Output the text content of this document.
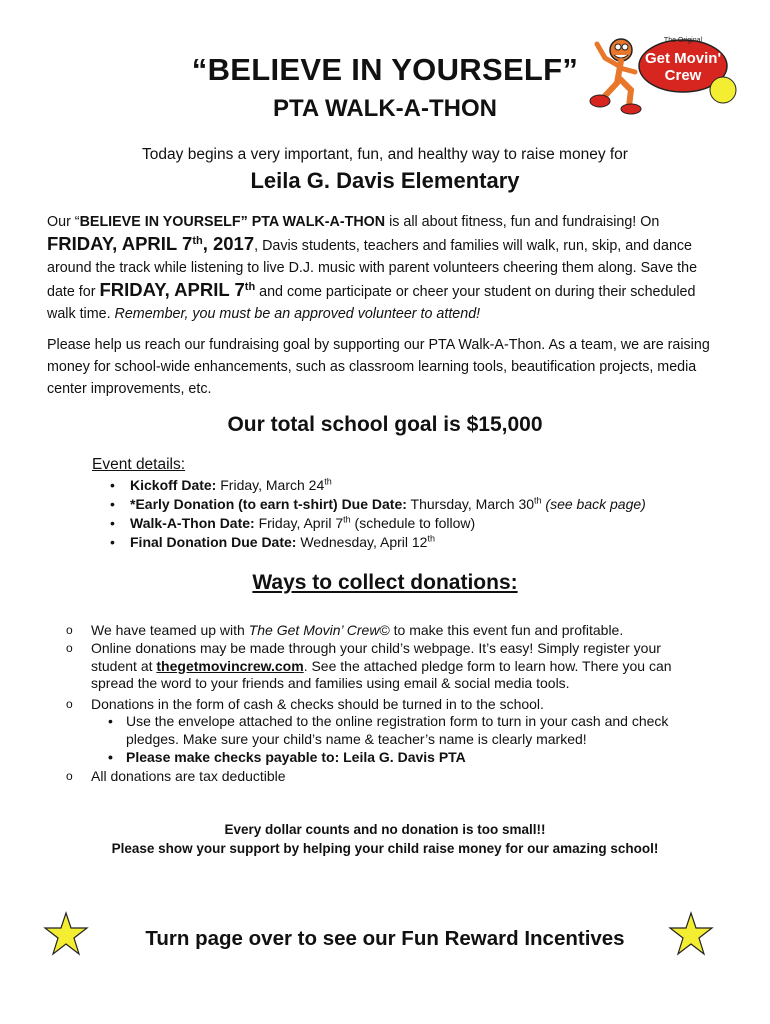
Get Movin'
Crew
The Original
“BELIEVE IN YOURSELF”
PTA WALK-A-THON
Today begins a very important, fun, and healthy way to raise money for
Leila G. Davis Elementary
Our “BELIEVE IN YOURSELF” PTA WALK-A-THON is all about fitness, fun and fundraising! On
FRIDAY, APRIL 7th, 2017, Davis students, teachers and families will walk, run, skip, and dance around the track while listening to live D.J. music with parent volunteers cheering them along. Save the date for FRIDAY, APRIL 7th and come participate or cheer your student on during their scheduled walk time. Remember, you must be an approved volunteer to attend!
Please help us reach our fundraising goal by supporting our PTA Walk-A-Thon. As a team, we are raising money for school-wide enhancements, such as classroom learning tools, beautification projects, media center improvements, etc.
Our total school goal is $15,000
Event details:
• Kickoff Date: Friday, March 24th
• *Early Donation (to earn t-shirt) Due Date: Thursday, March 30th (see back page)
• Walk-A-Thon Date: Friday, April 7th (schedule to follow)
• Final Donation Due Date: Wednesday, April 12th
Ways to collect donations:
o We have teamed up with The Get Movin’ Crew© to make this event fun and profitable.
o Online donations may be made through your child’s webpage. It’s easy! Simply register your student at thegetmovincrew.com. See the attached pledge form to learn how. There you can spread the word to your friends and families using email & social media tools.
o Donations in the form of cash & checks should be turned in to the school.
• Use the envelope attached to the online registration form to turn in your cash and check pledges. Make sure your child’s name & teacher’s name is clearly marked!
• Please make checks payable to: Leila G. Davis PTA
o All donations are tax deductible
Every dollar counts and no donation is too small!!
Please show your support by helping your child raise money for our amazing school!
Turn page over to see our Fun Reward Incentives
